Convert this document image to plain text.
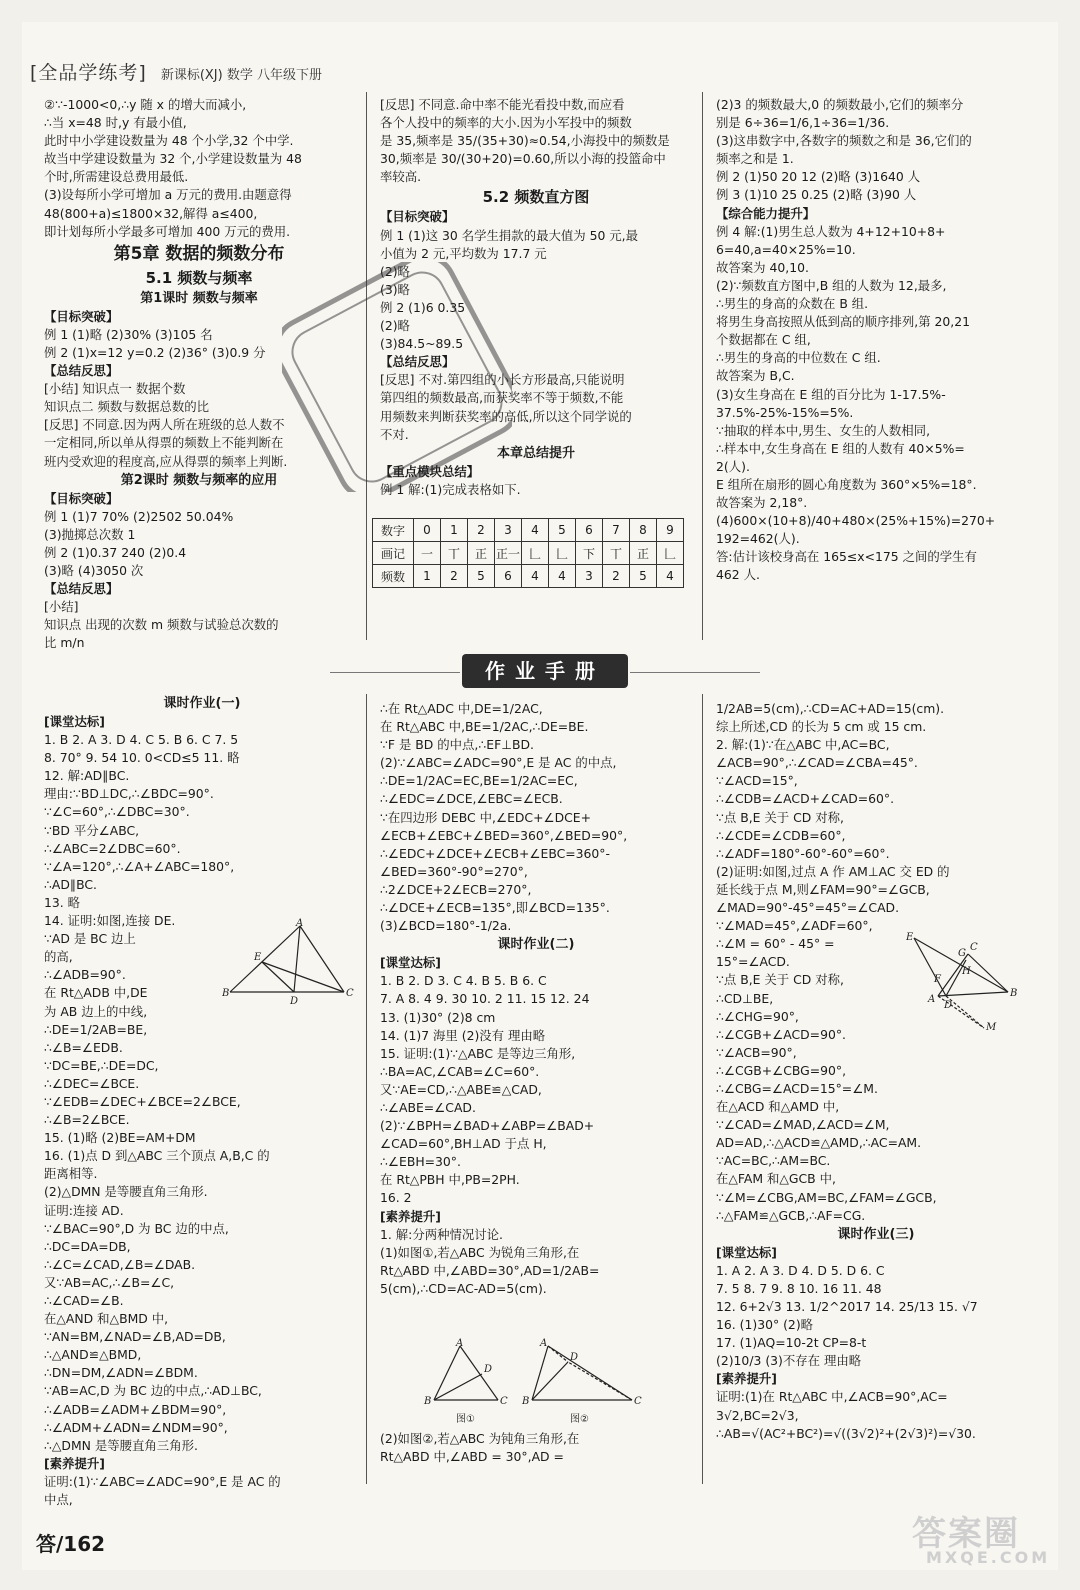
[全品学练考] 新课标(XJ) 数学 八年级下册
②∵-1000<0,∴y 随 x 的增大而减小,
∴当 x=48 时,y 有最小值,
此时中小学建设数量为 48 个小学,32 个中学.
故当中学建设数量为 32 个,小学建设数量为 48
个时,所需建设总费用最低.
(3)设每所小学可增加 a 万元的费用.由题意得
48(800+a)≤1800×32,解得 a≤400,
即计划每所小学最多可增加 400 万元的费用.
第5章 数据的频数分布
5.1 频数与频率
第1课时 频数与频率
【目标突破】
例 1 (1)略 (2)30% (3)105 名
例 2 (1)x=12 y=0.2 (2)36° (3)0.9 分
【总结反思】
[小结] 知识点一 数据个数
知识点二 频数与数据总数的比
[反思] 不同意.因为两人所在班级的总人数不
一定相同,所以单从得票的频数上不能判断在
班内受欢迎的程度高,应从得票的频率上判断.
第2课时 频数与频率的应用
【目标突破】
例 1 (1)7 70% (2)2502 50.04%
(3)抛掷总次数 1
例 2 (1)0.37 240 (2)0.4
(3)略 (4)3050 次
【总结反思】
[小结]
知识点 出现的次数 m 频数与试验总次数的
比 m/n
[反思] 不同意.命中率不能光看投中数,而应看
各个人投中的频率的大小.因为小军投中的频数
是 35,频率是 35/(35+30)≈0.54,小海投中的频数是
30,频率是 30/(30+20)=0.60,所以小海的投篮命中
率较高.
5.2 频数直方图
【目标突破】
例 1 (1)这 30 名学生捐款的最大值为 50 元,最
小值为 2 元,平均数为 17.7 元
(2)略
(3)略
例 2 (1)6 0.35
(2)略
(3)84.5~89.5
【总结反思】
[反思] 不对.第四组的小长方形最高,只能说明
第四组的频数最高,而获奖率不等于频数,不能
用频数来判断获奖率的高低,所以这个同学说的
不对.
本章总结提升
【重点模块总结】
例 1 解:(1)完成表格如下.
(2)3 的频数最大,0 的频数最小,它们的频率分
别是 6÷36=1/6,1÷36=1/36.
(3)这串数字中,各数字的频数之和是 36,它们的
频率之和是 1.
例 2 (1)50 20 12 (2)略 (3)1640 人
例 3 (1)10 25 0.25 (2)略 (3)90 人
【综合能力提升】
例 4 解:(1)男生总人数为 4+12+10+8+
6=40,a=40×25%=10.
故答案为 40,10.
(2)∵频数直方图中,B 组的人数为 12,最多,
∴男生的身高的众数在 B 组.
将男生身高按照从低到高的顺序排列,第 20,21
个数据都在 C 组,
∴男生的身高的中位数在 C 组.
故答案为 B,C.
(3)女生身高在 E 组的百分比为 1-17.5%-
37.5%-25%-15%=5%.
∵抽取的样本中,男生、女生的人数相同,
∴样本中,女生身高在 E 组的人数有 40×5%=
2(人).
E 组所在扇形的圆心角度数为 360°×5%=18°.
故答案为 2,18°.
(4)600×(10+8)/40+480×(25%+15%)=270+
192=462(人).
答:估计该校身高在 165≤x<175 之间的学生有
462 人.
数字	0	1	2	3	4	5	6	7	8	9
画记	一	丅	正	正一	𠃊	𠃊	下	丅	正	𠃊
频数	1	2	5	6	4	4	3	2	5	4
作业手册
课时作业(一)
[课堂达标]
1. B 2. A 3. D 4. C 5. B 6. C 7. 5
8. 70° 9. 54 10. 0<CD≤5 11. 略
12. 解:AD∥BC.
理由:∵BD⊥DC,∴∠BDC=90°.
∵∠C=60°,∴∠DBC=30°.
∵BD 平分∠ABC,
∴∠ABC=2∠DBC=60°.
∵∠A=120°,∴∠A+∠ABC=180°,
∴AD∥BC.
13. 略
14. 证明:如图,连接 DE.
∵AD 是 BC 边上
的高,
∴∠ADB=90°.
在 Rt△ADB 中,DE
为 AB 边上的中线,
∴DE=1/2AB=BE,
∴∠B=∠EDB.
∵DC=BE,∴DE=DC,
∴∠DEC=∠BCE.
∵∠EDB=∠DEC+∠BCE=2∠BCE,
∴∠B=2∠BCE.
15. (1)略 (2)BE=AM+DM
16. (1)点 D 到△ABC 三个顶点 A,B,C 的
距离相等.
(2)△DMN 是等腰直角三角形.
证明:连接 AD.
∵∠BAC=90°,D 为 BC 边的中点,
∴DC=DA=DB,
∴∠C=∠CAD,∠B=∠DAB.
又∵AB=AC,∴∠B=∠C,
∴∠CAD=∠B.
在△AND 和△BMD 中,
∵AN=BM,∠NAD=∠B,AD=DB,
∴△AND≌△BMD,
∴DN=DM,∠ADN=∠BDM.
∵AB=AC,D 为 BC 边的中点,∴AD⊥BC,
∴∠ADB=∠ADM+∠BDM=90°,
∴∠ADM+∠ADN=∠NDM=90°,
∴△DMN 是等腰直角三角形.
[素养提升]
证明:(1)∵∠ABC=∠ADC=90°,E 是 AC 的
中点,
∴在 Rt△ADC 中,DE=1/2AC,
在 Rt△ABC 中,BE=1/2AC,∴DE=BE.
∵F 是 BD 的中点,∴EF⊥BD.
(2)∵∠ABC=∠ADC=90°,E 是 AC 的中点,
∴DE=1/2AC=EC,BE=1/2AC=EC,
∴∠EDC=∠DCE,∠EBC=∠ECB.
∵在四边形 DEBC 中,∠EDC+∠DCE+
∠ECB+∠EBC+∠BED=360°,∠BED=90°,
∴∠EDC+∠DCE+∠ECB+∠EBC=360°-
∠BED=360°-90°=270°,
∴2∠DCE+2∠ECB=270°,
∴∠DCE+∠ECB=135°,即∠BCD=135°.
(3)∠BCD=180°-1/2a.
课时作业(二)
[课堂达标]
1. B 2. D 3. C 4. B 5. B 6. C
7. A 8. 4 9. 30 10. 2 11. 15 12. 24
13. (1)30° (2)8 cm
14. (1)7 海里 (2)没有 理由略
15. 证明:(1)∵△ABC 是等边三角形,
∴BA=AC,∠CAB=∠C=60°.
又∵AE=CD,∴△ABE≌△CAD,
∴∠ABE=∠CAD.
(2)∵∠BPH=∠BAD+∠ABP=∠BAD+
∠CAD=60°,BH⊥AD 于点 H,
∴∠EBH=30°.
在 Rt△PBH 中,PB=2PH.
16. 2
[素养提升]
1. 解:分两种情况讨论.
(1)如图①,若△ABC 为锐角三角形,在
Rt△ABD 中,∠ABD=30°,AD=1/2AB=
5(cm),∴CD=AC-AD=5(cm).
(2)如图②,若△ABC 为钝角三角形,在
Rt△ABD 中,∠ABD = 30°,AD =
1/2AB=5(cm),∴CD=AC+AD=15(cm).
综上所述,CD 的长为 5 cm 或 15 cm.
2. 解:(1)∵在△ABC 中,AC=BC,
∠ACB=90°,∴∠CAD=∠CBA=45°.
∵∠ACD=15°,
∴∠CDB=∠ACD+∠CAD=60°.
∵点 B,E 关于 CD 对称,
∴∠CDE=∠CDB=60°,
∴∠ADF=180°-60°-60°=60°.
(2)证明:如图,过点 A 作 AM⊥AC 交 ED 的
延长线于点 M,则∠FAM=90°=∠GCB,
∠MAD=90°-45°=45°=∠CAD.
∵∠MAD=45°,∠ADF=60°,
∴∠M = 60° - 45° =
15°=∠ACD.
∵点 B,E 关于 CD 对称,
∴CD⊥BE,
∴∠CHG=90°,
∴∠CGB+∠ACD=90°.
∵∠ACB=90°,
∴∠CGB+∠CBG=90°,
∴∠CBG=∠ACD=15°=∠M.
在△ACD 和△AMD 中,
∵∠CAD=∠MAD,∠ACD=∠M,
AD=AD,∴△ACD≌△AMD,∴AC=AM.
∵AC=BC,∴AM=BC.
在△FAM 和△GCB 中,
∵∠M=∠CBG,AM=BC,∠FAM=∠GCB,
∴△FAM≌△GCB,∴AF=CG.
课时作业(三)
[课堂达标]
1. A 2. A 3. D 4. D 5. D 6. C
7. 5 8. 7 9. 8 10. 16 11. 48
12. 6+2√3 13. 1/2^2017 14. 25/13 15. √7
16. (1)30° (2)略
17. (1)AQ=10-2t CP=8-t
(2)10/3 (3)不存在 理由略
[素养提升]
证明:(1)在 Rt△ABC 中,∠ACB=90°,AC=
3√2,BC=2√3,
∴AB=√(AC²+BC²)=√((3√2)²+(2√3)²)=√30.
E
A
B
D
C
A
D
B	C
A
D
B	C
图①	图②
E
G
C
F
H
A
D
B
M
答/162	答案圈
MXQE.COM
